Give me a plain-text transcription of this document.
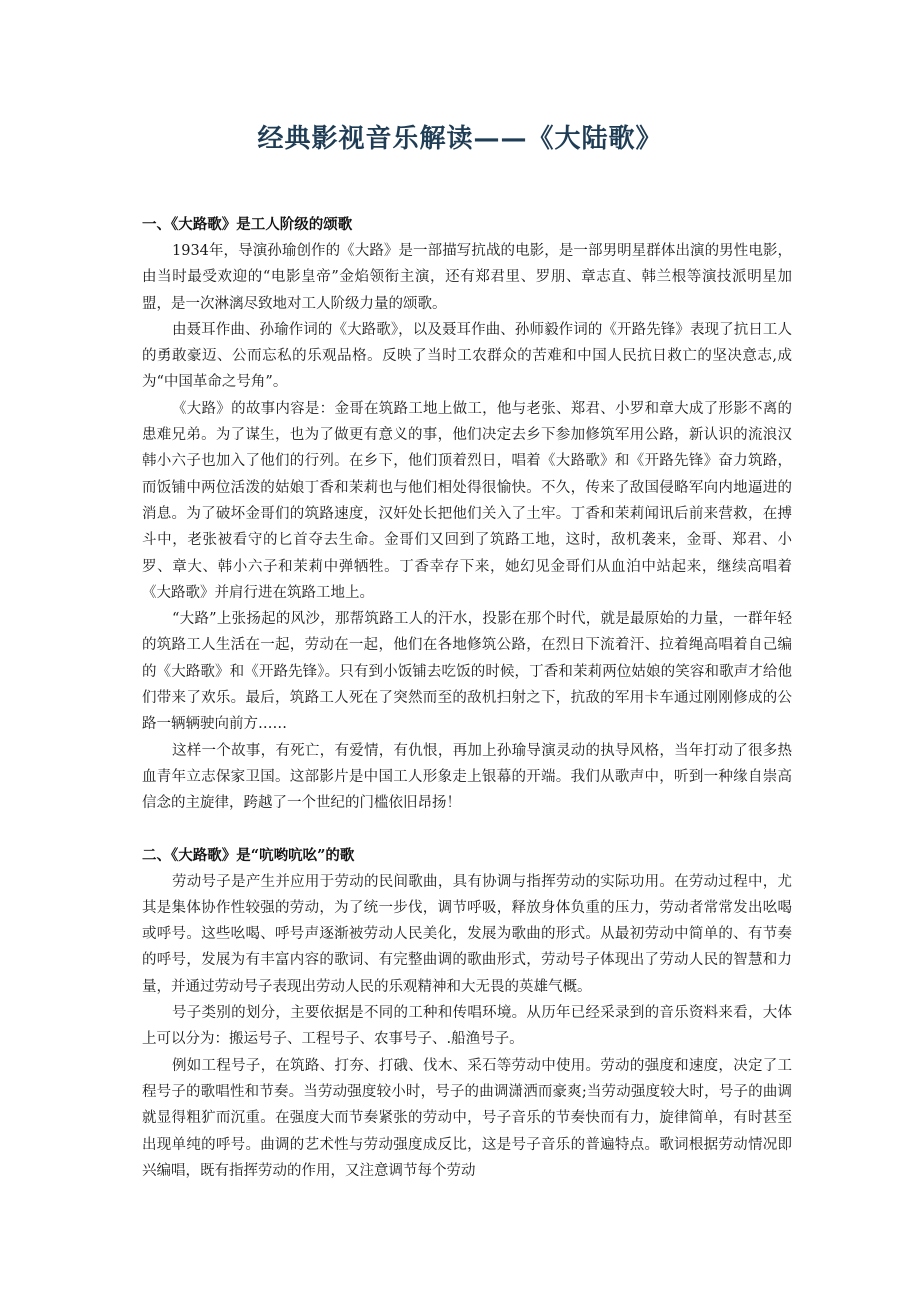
经典影视音乐解读——《大陆歌》

一、《大路歌》是工人阶级的颂歌

1934年，导演孙瑜创作的《大路》是一部描写抗战的电影，是一部男明星群体出演的男性电影，由当时最受欢迎的“电影皇帝”金焰领衔主演，还有郑君里、罗朋、章志直、韩兰根等演技派明星加盟，是一次淋漓尽致地对工人阶级力量的颂歌。

由聂耳作曲、孙瑜作词的《大路歌》，以及聂耳作曲、孙师毅作词的《开路先锋》表现了抗日工人的勇敢豪迈、公而忘私的乐观品格。反映了当时工农群众的苦难和中国人民抗日救亡的坚决意志,成为“中国革命之号角”。

《大路》的故事内容是：金哥在筑路工地上做工，他与老张、郑君、小罗和章大成了形影不离的患难兄弟。为了谋生，也为了做更有意义的事，他们决定去乡下参加修筑军用公路，新认识的流浪汉韩小六子也加入了他们的行列。在乡下，他们顶着烈日，唱着《大路歌》和《开路先锋》奋力筑路，而饭铺中两位活泼的姑娘丁香和茉莉也与他们相处得很愉快。不久，传来了敌国侵略军向内地逼进的消息。为了破坏金哥们的筑路速度，汉奸处长把他们关入了土牢。丁香和茉莉闻讯后前来营救，在搏斗中，老张被看守的匕首夺去生命。金哥们又回到了筑路工地，这时，敌机袭来，金哥、郑君、小罗、章大、韩小六子和茉莉中弹牺牲。丁香幸存下来，她幻见金哥们从血泊中站起来，继续高唱着《大路歌》并肩行进在筑路工地上。

“大路”上张扬起的风沙，那帮筑路工人的汗水，投影在那个时代，就是最原始的力量，一群年轻的筑路工人生活在一起，劳动在一起，他们在各地修筑公路，在烈日下流着汗、拉着绳高唱着自己编的《大路歌》和《开路先锋》。只有到小饭铺去吃饭的时候，丁香和茉莉两位姑娘的笑容和歌声才给他们带来了欢乐。最后，筑路工人死在了突然而至的敌机扫射之下，抗敌的军用卡车通过刚刚修成的公路一辆辆驶向前方……

这样一个故事，有死亡，有爱情，有仇恨，再加上孙瑜导演灵动的执导风格，当年打动了很多热血青年立志保家卫国。这部影片是中国工人形象走上银幕的开端。我们从歌声中，听到一种缘自崇高信念的主旋律，跨越了一个世纪的门槛依旧昂扬！

二、《大路歌》是“吭哟吭吆”的歌

劳动号子是产生并应用于劳动的民间歌曲，具有协调与指挥劳动的实际功用。在劳动过程中，尤其是集体协作性较强的劳动，为了统一步伐，调节呼吸，释放身体负重的压力，劳动者常常发出吆喝或呼号。这些吆喝、呼号声逐渐被劳动人民美化，发展为歌曲的形式。从最初劳动中简单的、有节奏的呼号，发展为有丰富内容的歌词、有完整曲调的歌曲形式，劳动号子体现出了劳动人民的智慧和力量，并通过劳动号子表现出劳动人民的乐观精神和大无畏的英雄气概。

号子类别的划分，主要依据是不同的工种和传唱环境。从历年已经采录到的音乐资料来看，大体上可以分为：搬运号子、工程号子、农事号子、.船渔号子。

例如工程号子，在筑路、打夯、打硪、伐木、采石等劳动中使用。劳动的强度和速度，决定了工程号子的歌唱性和节奏。当劳动强度较小时，号子的曲调潇洒而豪爽;当劳动强度较大时，号子的曲调就显得粗犷而沉重。在强度大而节奏紧张的劳动中，号子音乐的节奏快而有力，旋律简单，有时甚至出现单纯的呼号。曲调的艺术性与劳动强度成反比，这是号子音乐的普遍特点。歌词根据劳动情况即兴编唱，既有指挥劳动的作用，又注意调节每个劳动
